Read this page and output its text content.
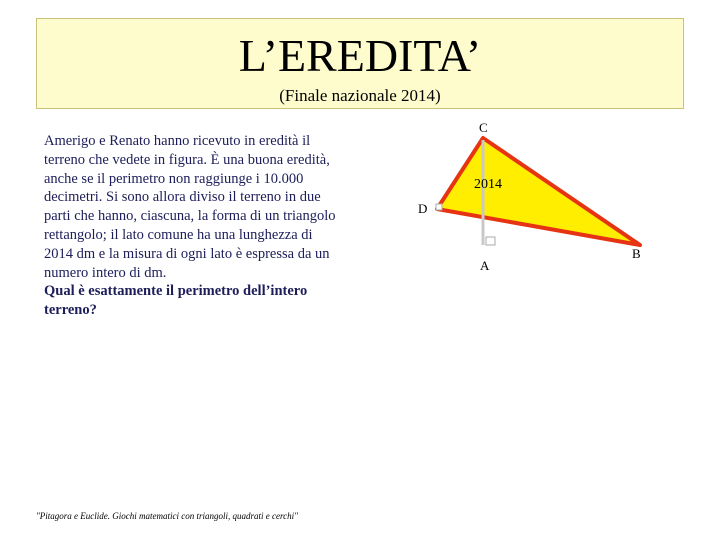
L’EREDITA’
(Finale nazionale 2014)
Amerigo e Renato hanno ricevuto in eredità il terreno che vedete in figura. È una buona eredità, anche se il perimetro non raggiunge i 10.000 decimetri. Si sono allora diviso il terreno in due parti che hanno, ciascuna, la forma di un triangolo rettangolo; il lato comune ha una lunghezza di 2014 dm e la misura di ogni lato è espressa da un numero intero di dm.
Qual è esattamente il perimetro dell’intero terreno?
C
D
A
B
2014
"Pitagora e Euclide. Giochi matematici con triangoli, quadrati e cerchi"
